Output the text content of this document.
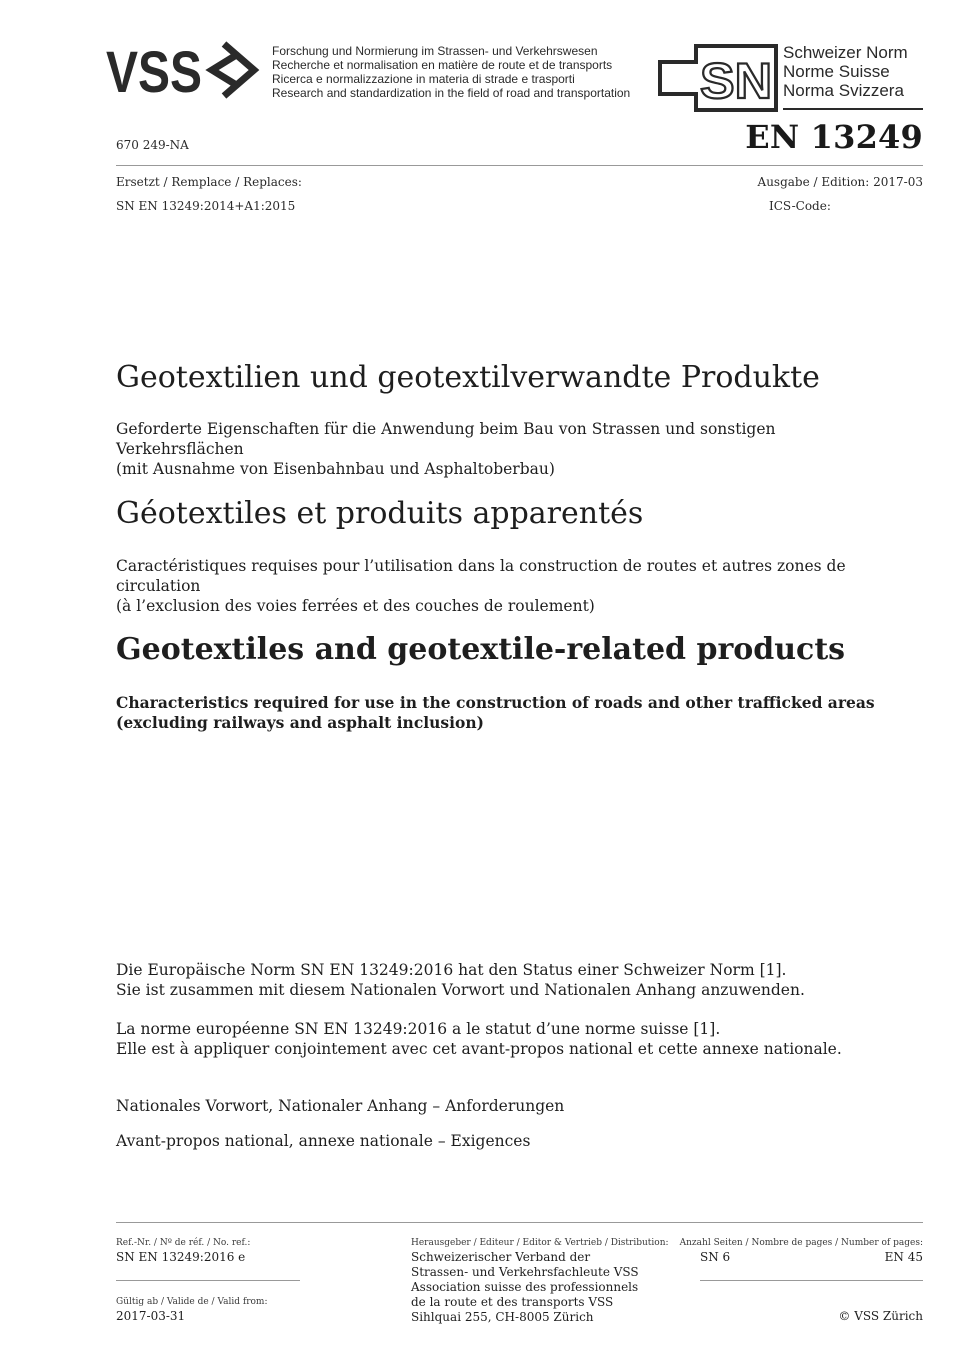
VSS	Forschung und Normierung im Strassen- und Verkehrswesen
Recherche et normalisation en matière de route et de transports
Ricerca e normalizzazione in materia di strade e trasporti
Research and standardization in the field of road and transportation SN
Schweizer Norm
Norme Suisse
Norma Svizzera
670 249-NA	EN 13249
Ersetzt / Remplace / Replaces:
SN EN 13249:2014+A1:2015
Ausgabe / Edition: 2017-03
ICS-Code:
Geotextilien und geotextilverwandte Produkte
Geforderte Eigenschaften für die Anwendung beim Bau von Strassen und sonstigen Verkehrsflächen
(mit Ausnahme von Eisenbahnbau und Asphaltoberbau)
Géotextiles et produits apparentés
Caractéristiques requises pour l’utilisation dans la construction de routes et autres zones de circulation
(à l’exclusion des voies ferrées et des couches de roulement)
Geotextiles and geotextile-related products
Characteristics required for use in the construction of roads and other trafficked areas
(excluding railways and asphalt inclusion)
Die Europäische Norm SN EN 13249:2016 hat den Status einer Schweizer Norm [1].
Sie ist zusammen mit diesem Nationalen Vorwort und Nationalen Anhang anzuwenden.
La norme européenne SN EN 13249:2016 a le statut d’une norme suisse [1].
Elle est à appliquer conjointement avec cet avant-propos national et cette annexe nationale.
Nationales Vorwort, Nationaler Anhang – Anforderungen
Avant-propos national, annexe nationale – Exigences
Ref.-Nr. / Nº de réf. / No. ref.:
SN EN 13249:2016 e
Gültig ab / Valide de / Valid from:
2017-03-31
Herausgeber / Editeur / Editor & Vertrieb / Distribution:
Schweizerischer Verband der
Strassen- und Verkehrsfachleute VSS
Association suisse des professionnels
de la route et des transports VSS
Sihlquai 255, CH-8005 Zürich
Anzahl Seiten / Nombre de pages / Number of pages:
SN 6	EN 45
© VSS Zürich
